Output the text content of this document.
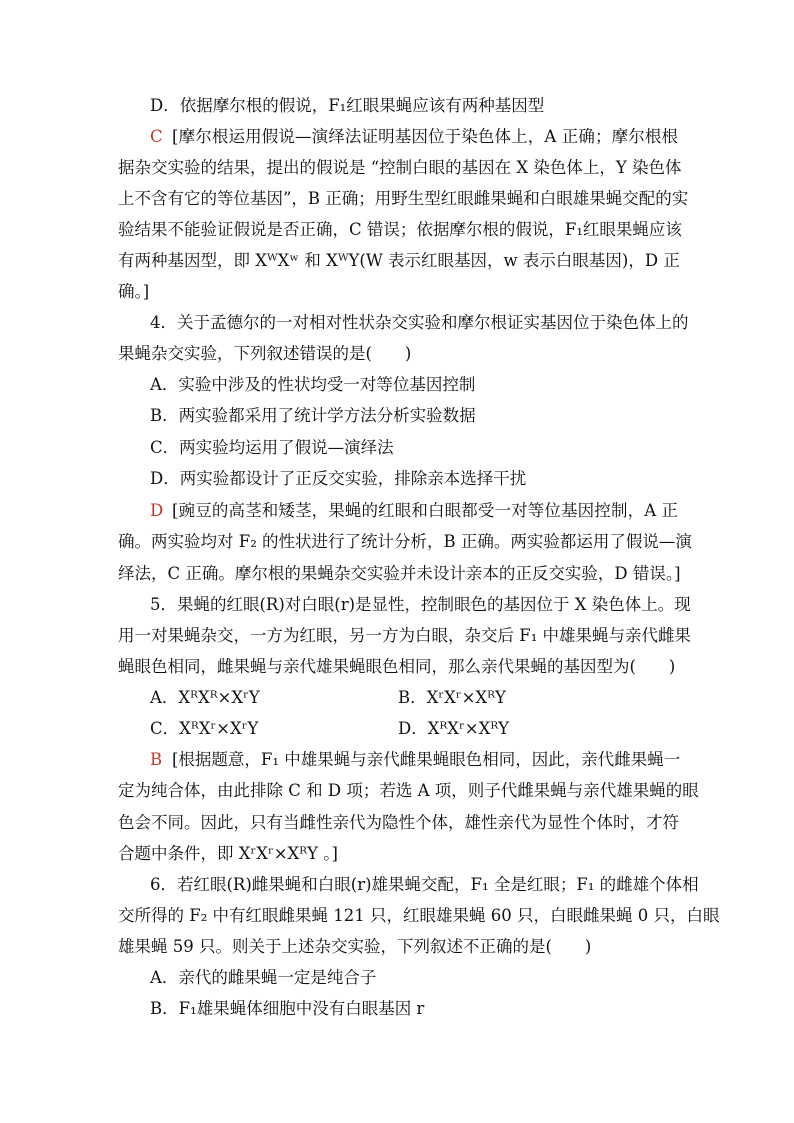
D．依据摩尔根的假说，F₁红眼果蝇应该有两种基因型
C [摩尔根运用假说—演绎法证明基因位于染色体上，A 正确；摩尔根根
据杂交实验的结果，提出的假说是 “控制白眼的基因在 X 染色体上，Y 染色体
上不含有它的等位基因”，B 正确；用野生型红眼雌果蝇和白眼雄果蝇交配的实
验结果不能验证假说是否正确，C 错误；依据摩尔根的假说，F₁红眼果蝇应该
有两种基因型，即 XᵂXʷ 和 XᵂY(W 表示红眼基因，w 表示白眼基因)，D 正
确。]
4．关于孟德尔的一对相对性状杂交实验和摩尔根证实基因位于染色体上的
果蝇杂交实验，下列叙述错误的是(　　)
A．实验中涉及的性状均受一对等位基因控制
B．两实验都采用了统计学方法分析实验数据
C．两实验均运用了假说—演绎法
D．两实验都设计了正反交实验，排除亲本选择干扰
D [豌豆的高茎和矮茎，果蝇的红眼和白眼都受一对等位基因控制，A 正
确。两实验均对 F₂ 的性状进行了统计分析，B 正确。两实验都运用了假说—演
绎法，C 正确。摩尔根的果蝇杂交实验并未设计亲本的正反交实验，D 错误。]
5．果蝇的红眼(R)对白眼(r)是显性，控制眼色的基因位于 X 染色体上。现
用一对果蝇杂交，一方为红眼，另一方为白眼，杂交后 F₁ 中雄果蝇与亲代雌果
蝇眼色相同，雌果蝇与亲代雄果蝇眼色相同，那么亲代果蝇的基因型为(　　)
A．XᴿXᴿ×XʳY	B．XʳXʳ×XᴿY
C．XᴿXʳ×XʳY	D．XᴿXʳ×XᴿY
B [根据题意，F₁ 中雄果蝇与亲代雌果蝇眼色相同，因此，亲代雌果蝇一
定为纯合体，由此排除 C 和 D 项；若选 A 项，则子代雌果蝇与亲代雄果蝇的眼
色会不同。因此，只有当雌性亲代为隐性个体，雄性亲代为显性个体时，才符
合题中条件，即 XʳXʳ×XᴿY 。]
6．若红眼(R)雌果蝇和白眼(r)雄果蝇交配，F₁ 全是红眼；F₁ 的雌雄个体相
交所得的 F₂ 中有红眼雌果蝇 121 只，红眼雄果蝇 60 只，白眼雌果蝇 0 只，白眼
雄果蝇 59 只。则关于上述杂交实验，下列叙述不正确的是(　　)
A．亲代的雌果蝇一定是纯合子
B．F₁雄果蝇体细胞中没有白眼基因 r
